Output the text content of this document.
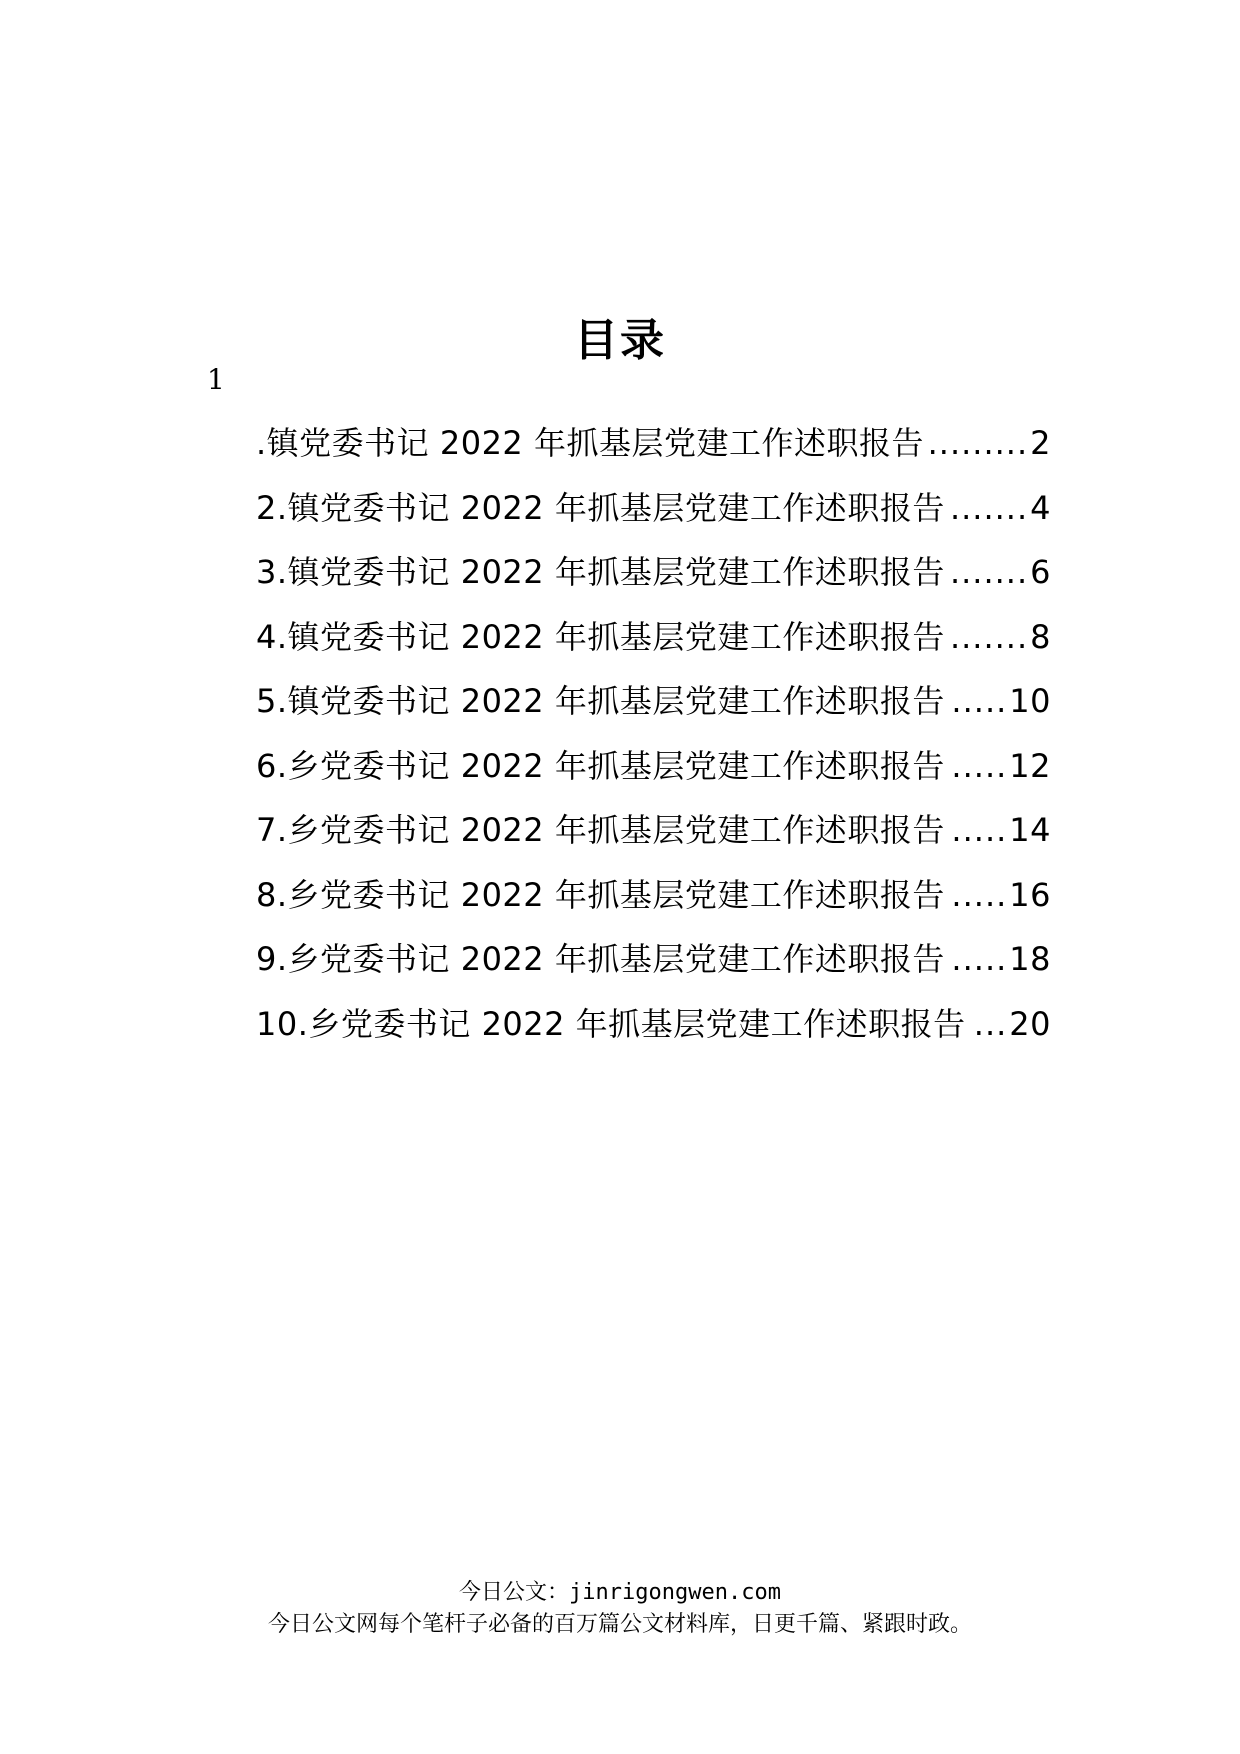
目录
1
.镇党委书记 2022 年抓基层党建工作述职报告 ......... 2
2.镇党委书记 2022 年抓基层党建工作述职报告 ....... 4
3.镇党委书记 2022 年抓基层党建工作述职报告 ....... 6
4.镇党委书记 2022 年抓基层党建工作述职报告 ....... 8
5.镇党委书记 2022 年抓基层党建工作述职报告 ..... 10
6.乡党委书记 2022 年抓基层党建工作述职报告 ..... 12
7.乡党委书记 2022 年抓基层党建工作述职报告 ..... 14
8.乡党委书记 2022 年抓基层党建工作述职报告 ..... 16
9.乡党委书记 2022 年抓基层党建工作述职报告 ..... 18
10.乡党委书记 2022 年抓基层党建工作述职报告 ... 20
今日公文：jinrigongwen.com
今日公文网每个笔杆子必备的百万篇公文材料库，日更千篇、紧跟时政。
